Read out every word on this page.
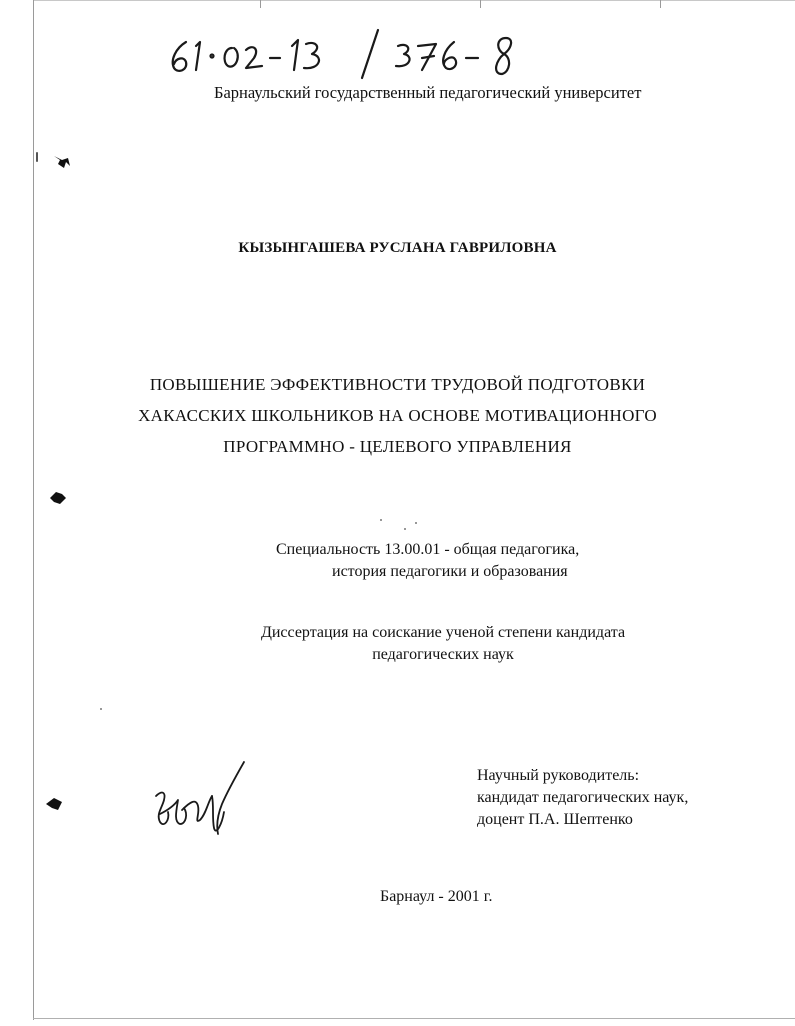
Барнаульский государственный педагогический университет
КЫЗЫНГАШЕВА РУСЛАНА ГАВРИЛОВНА
ПОВЫШЕНИЕ ЭФФЕКТИВНОСТИ ТРУДОВОЙ ПОДГОТОВКИ
ХАКАССКИХ ШКОЛЬНИКОВ НА ОСНОВЕ МОТИВАЦИОННОГО
ПРОГРАММНО - ЦЕЛЕВОГО УПРАВЛЕНИЯ
Специальность 13.00.01 - общая педагогика,
история педагогики и образования
Диссертация на соискание ученой степени кандидата
педагогических наук
Научный руководитель:
кандидат педагогических наук,
доцент П.А. Шептенко
Барнаул - 2001 г.
